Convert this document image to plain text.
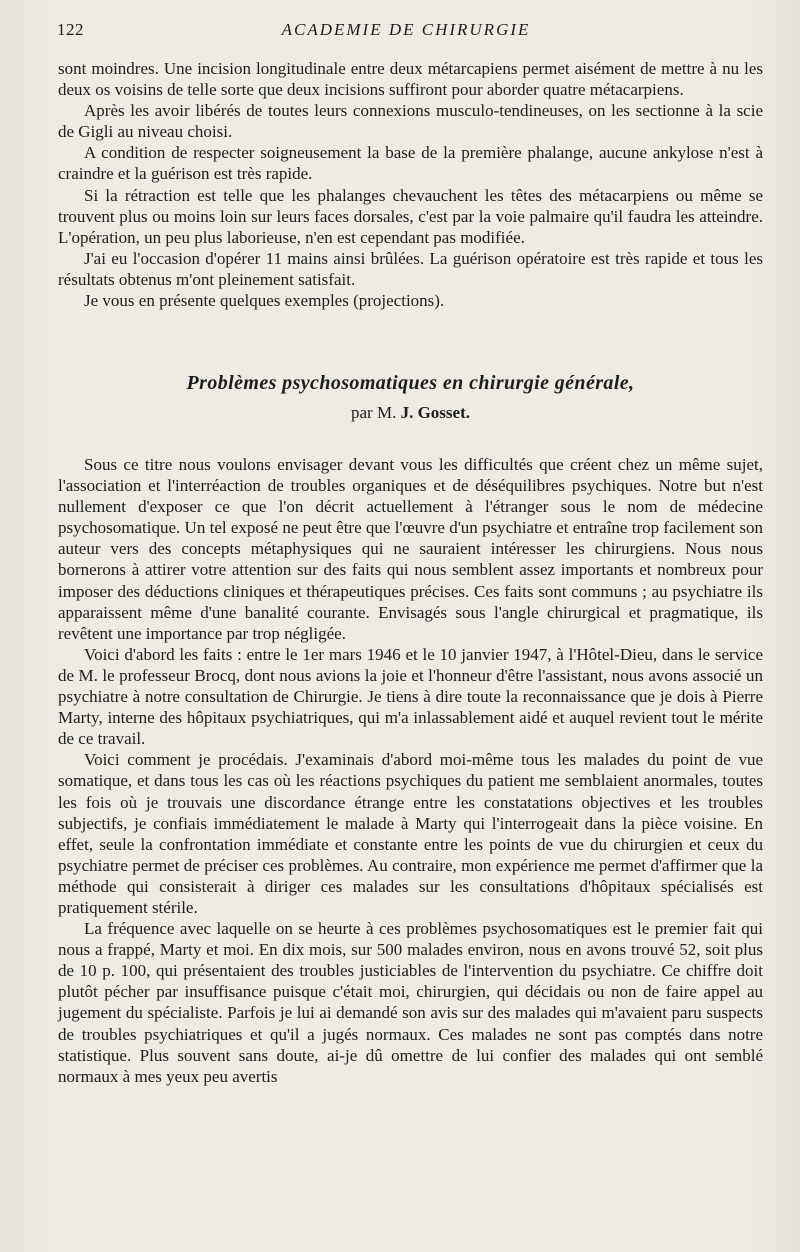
122	ACADEMIE DE CHIRURGIE

sont moindres. Une incision longitudinale entre deux métarcapiens permet aisément de mettre à nu les deux os voisins de telle sorte que deux incisions suffiront pour aborder quatre métacarpiens.

Après les avoir libérés de toutes leurs connexions musculo-tendineuses, on les sectionne à la scie de Gigli au niveau choisi.

A condition de respecter soigneusement la base de la première phalange, aucune ankylose n'est à craindre et la guérison est très rapide.

Si la rétraction est telle que les phalanges chevauchent les têtes des métacarpiens ou même se trouvent plus ou moins loin sur leurs faces dorsales, c'est par la voie palmaire qu'il faudra les atteindre. L'opération, un peu plus laborieuse, n'en est cependant pas modifiée.

J'ai eu l'occasion d'opérer 11 mains ainsi brûlées. La guérison opératoire est très rapide et tous les résultats obtenus m'ont pleinement satisfait.

Je vous en présente quelques exemples (projections).

Problèmes psychosomatiques en chirurgie générale,
par M. J. Gosset.

Sous ce titre nous voulons envisager devant vous les difficultés que créent chez un même sujet, l'association et l'interréaction de troubles organiques et de déséquilibres psychiques. Notre but n'est nullement d'exposer ce que l'on décrit actuellement à l'étranger sous le nom de médecine psychosomatique. Un tel exposé ne peut être que l'œuvre d'un psychiatre et entraîne trop facilement son auteur vers des concepts métaphysiques qui ne sauraient intéresser les chirurgiens. Nous nous bornerons à attirer votre attention sur des faits qui nous semblent assez importants et nombreux pour imposer des déductions cliniques et thérapeutiques précises. Ces faits sont communs ; au psychiatre ils apparaissent même d'une banalité courante. Envisagés sous l'angle chirurgical et pragmatique, ils revêtent une importance par trop négligée.

Voici d'abord les faits : entre le 1er mars 1946 et le 10 janvier 1947, à l'Hôtel-Dieu, dans le service de M. le professeur Brocq, dont nous avions la joie et l'honneur d'être l'assistant, nous avons associé un psychiatre à notre consultation de Chirurgie. Je tiens à dire toute la reconnaissance que je dois à Pierre Marty, interne des hôpitaux psychiatriques, qui m'a inlassablement aidé et auquel revient tout le mérite de ce travail.

Voici comment je procédais. J'examinais d'abord moi-même tous les malades du point de vue somatique, et dans tous les cas où les réactions psychiques du patient me semblaient anormales, toutes les fois où je trouvais une discordance étrange entre les constatations objectives et les troubles subjectifs, je confiais immédiatement le malade à Marty qui l'interrogeait dans la pièce voisine. En effet, seule la confrontation immédiate et constante entre les points de vue du chirurgien et ceux du psychiatre permet de préciser ces problèmes. Au contraire, mon expérience me permet d'affirmer que la méthode qui consisterait à diriger ces malades sur les consultations d'hôpitaux spécialisés est pratiquement stérile.

La fréquence avec laquelle on se heurte à ces problèmes psychosomatiques est le premier fait qui nous a frappé, Marty et moi. En dix mois, sur 500 malades environ, nous en avons trouvé 52, soit plus de 10 p. 100, qui présentaient des troubles justiciables de l'intervention du psychiatre. Ce chiffre doit plutôt pécher par insuffisance puisque c'était moi, chirurgien, qui décidais ou non de faire appel au jugement du spécialiste. Parfois je lui ai demandé son avis sur des malades qui m'avaient paru suspects de troubles psychiatriques et qu'il a jugés normaux. Ces malades ne sont pas comptés dans notre statistique. Plus souvent sans doute, ai-je dû omettre de lui confier des malades qui ont semblé normaux à mes yeux peu avertis
